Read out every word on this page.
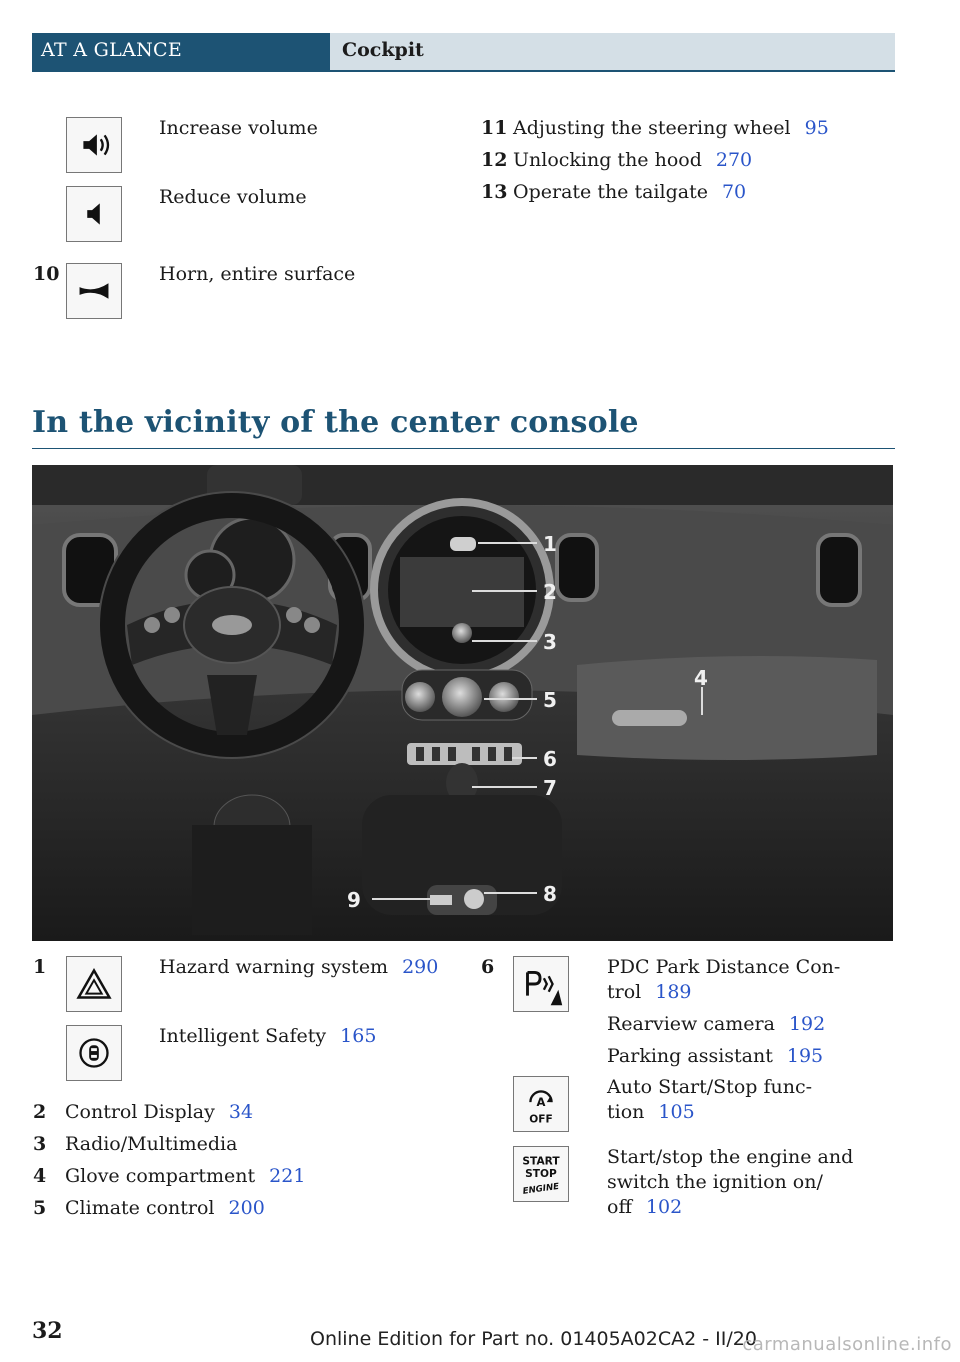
AT A GLANCE	Cockpit
Increase volume
Reduce volume
10	Horn, entire surface
11 Adjusting the steering wheel 95
12 Unlocking the hood 270
13 Operate the tailgate 70
In the vicinity of the center console
1
2
3
4
5
6
7
8
9
1	Hazard warning system 290
Intelligent Safety 165
2 Control Display 34
3 Radio/Multimedia
4 Glove compartment 221
5 Climate control 200
6	PDC Park Distance Con-
trol 189
Rearview camera 192
Parking assistant 195
A
OFF
Auto Start/Stop func-
tion 105
START
STOP
ENGINE
Start/stop the engine and
switch the ignition on/
off 102
32	Online Edition for Part no. 01405A02CA2 - II/20
carmanualsonline.info
